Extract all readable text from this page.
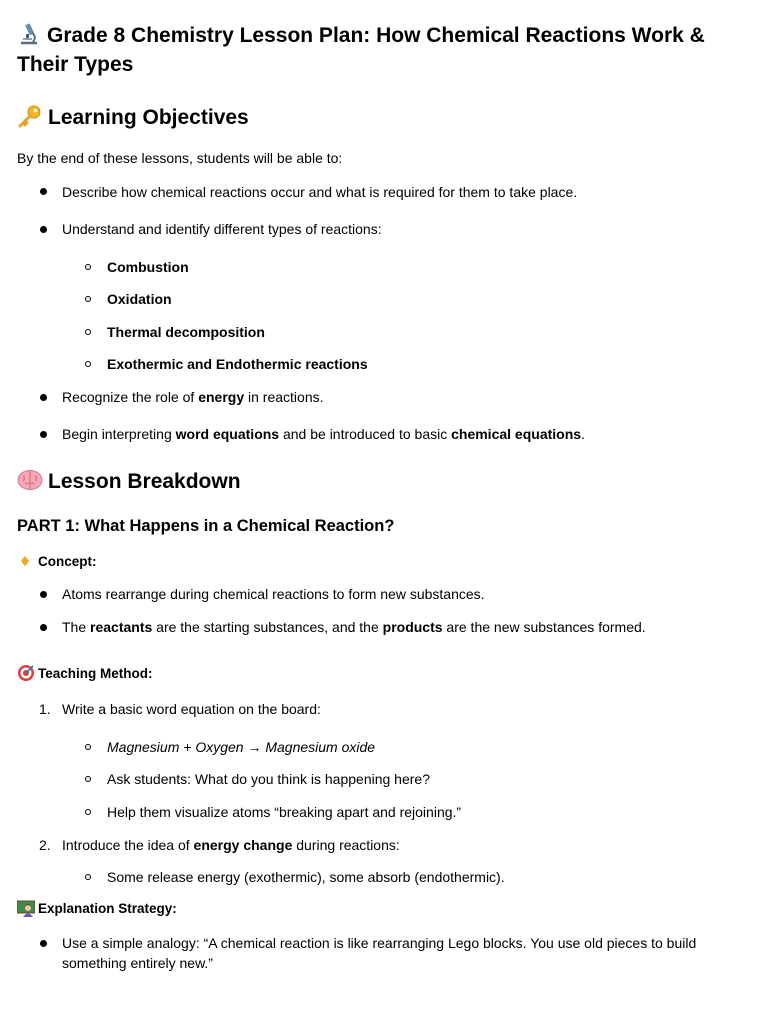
Grade 8 Chemistry Lesson Plan: How Chemical Reactions Work &
Their Types
Learning Objectives
By the end of these lessons, students will be able to:
Describe how chemical reactions occur and what is required for them to take place.
Understand and identify different types of reactions:
Combustion
Oxidation
Thermal decomposition
Exothermic and Endothermic reactions
Recognize the role of energy in reactions.
Begin interpreting word equations and be introduced to basic chemical equations.
Lesson Breakdown
PART 1: What Happens in a Chemical Reaction?
Concept:
Atoms rearrange during chemical reactions to form new substances.
The reactants are the starting substances, and the products are the new substances formed.
Teaching Method:
1. Write a basic word equation on the board:
Magnesium + Oxygen → Magnesium oxide
Ask students: What do you think is happening here?
Help them visualize atoms “breaking apart and rejoining.”
2. Introduce the idea of energy change during reactions:
Some release energy (exothermic), some absorb (endothermic).
Explanation Strategy:
Use a simple analogy: “A chemical reaction is like rearranging Lego blocks. You use old pieces to build
something entirely new.”
